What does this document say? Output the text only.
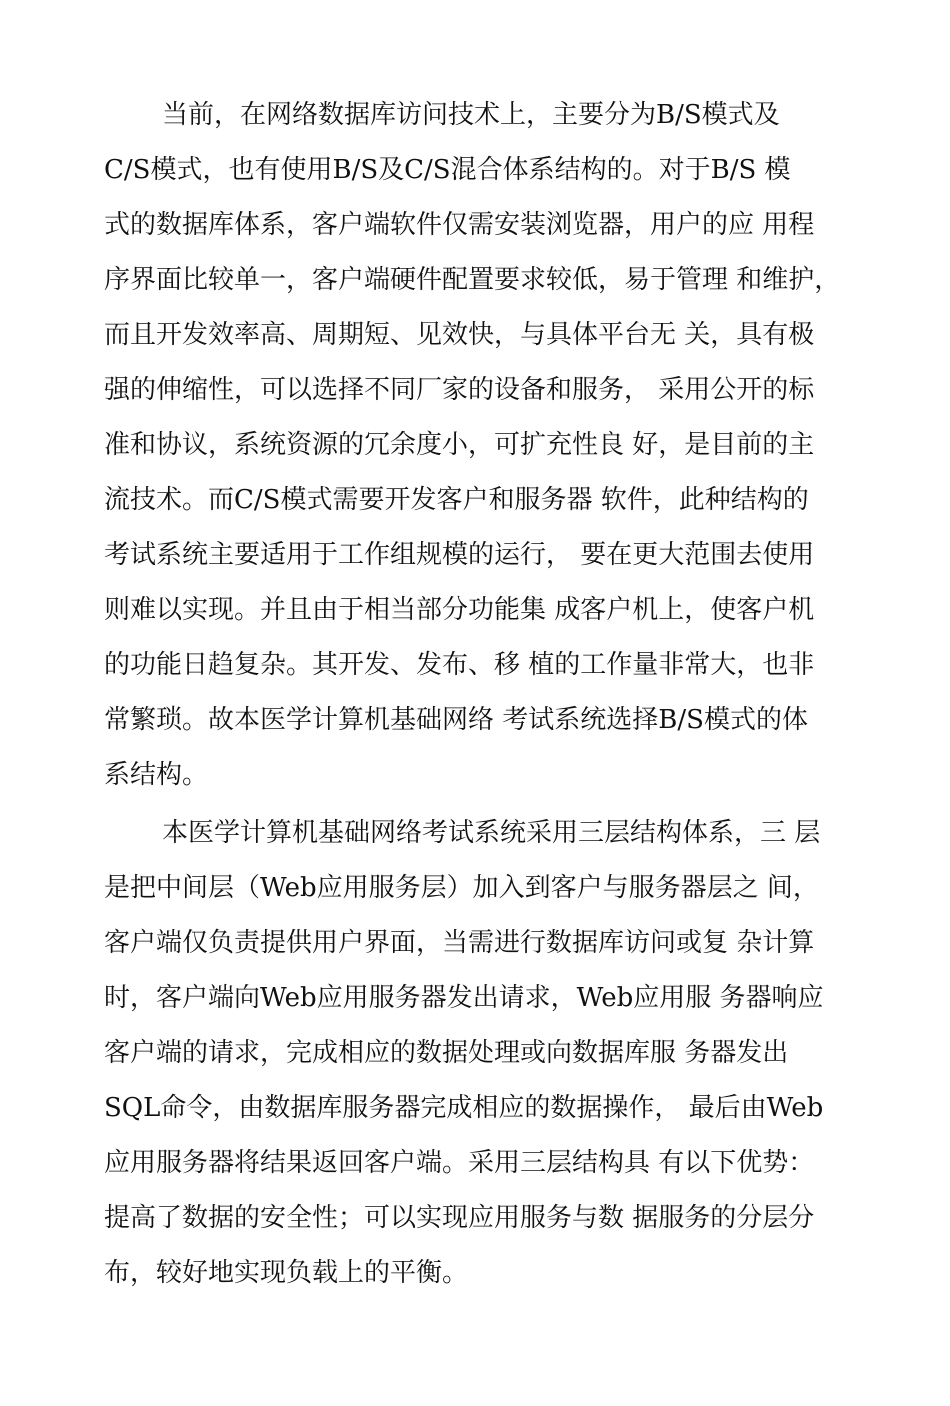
当前，在网络数据库访问技术上，主要分为B/S模式及
C/S模式，也有使用B/S及C/S混合体系结构的。对于B/S 模
式的数据库体系，客户端软件仅需安装浏览器，用户的应 用程
序界面比较单一，客户端硬件配置要求较低，易于管理 和维护，
而且开发效率高、周期短、见效快，与具体平台无 关，具有极
强的伸缩性，可以选择不同厂家的设备和服务， 采用公开的标
准和协议，系统资源的冗余度小，可扩充性良 好，是目前的主
流技术。而C/S模式需要开发客户和服务器 软件，此种结构的
考试系统主要适用于工作组规模的运行， 要在更大范围去使用
则难以实现。并且由于相当部分功能集 成客户机上，使客户机
的功能日趋复杂。其开发、发布、移 植的工作量非常大，也非
常繁琐。故本医学计算机基础网络 考试系统选择B/S模式的体
系结构。
本医学计算机基础网络考试系统采用三层结构体系，三 层
是把中间层（Web应用服务层）加入到客户与服务器层之 间，
客户端仅负责提供用户界面，当需进行数据库访问或复 杂计算
时，客户端向Web应用服务器发出请求，Web应用服 务器响应
客户端的请求，完成相应的数据处理或向数据库服 务器发出
SQL命令，由数据库服务器完成相应的数据操作， 最后由Web
应用服务器将结果返回客户端。采用三层结构具 有以下优势：
提高了数据的安全性；可以实现应用服务与数 据服务的分层分
布，较好地实现负载上的平衡。
